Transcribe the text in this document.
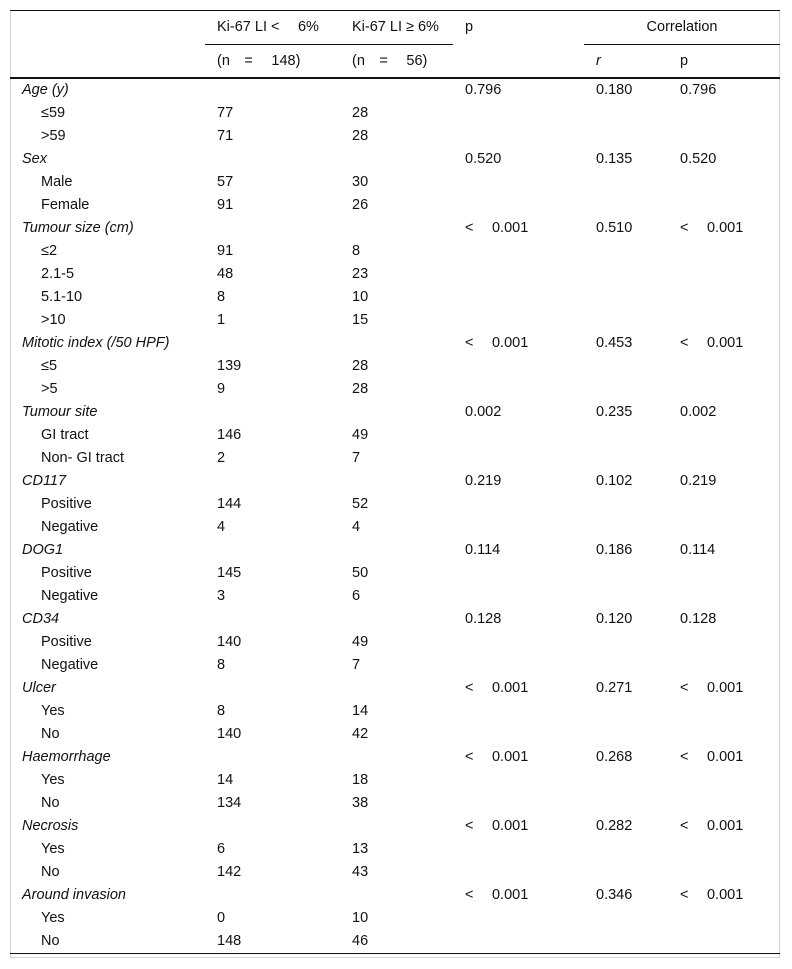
	Ki-67 LI <  6%	Ki-67 LI ≥ 6%	p	Correlation	
	(n =  148)	(n =  56)		r	p
Age (y)			0.796	0.180	0.796
≤59	77	28			
>59	71	28			
Sex			0.520	0.135	0.520
Male	57	30			
Female	91	26			
Tumour size (cm)			<  0.001	0.510	<  0.001
≤2	91	8			
2.1-5	48	23			
5.1-10	8	10			
>10	1	15			
Mitotic index (/50 HPF)			<  0.001	0.453	<  0.001
≤5	139	28			
>5	9	28			
Tumour site			0.002	0.235	0.002
GI tract	146	49			
Non- GI tract	2	7			
CD117			0.219	0.102	0.219
Positive	144	52			
Negative	4	4			
DOG1			0.114	0.186	0.114
Positive	145	50			
Negative	3	6			
CD34			0.128	0.120	0.128
Positive	140	49			
Negative	8	7			
Ulcer			<  0.001	0.271	<  0.001
Yes	8	14			
No	140	42			
Haemorrhage			<  0.001	0.268	<  0.001
Yes	14	18			
No	134	38			
Necrosis			<  0.001	0.282	<  0.001
Yes	6	13			
No	142	43			
Around invasion			<  0.001	0.346	<  0.001
Yes	0	10			
No	148	46			
